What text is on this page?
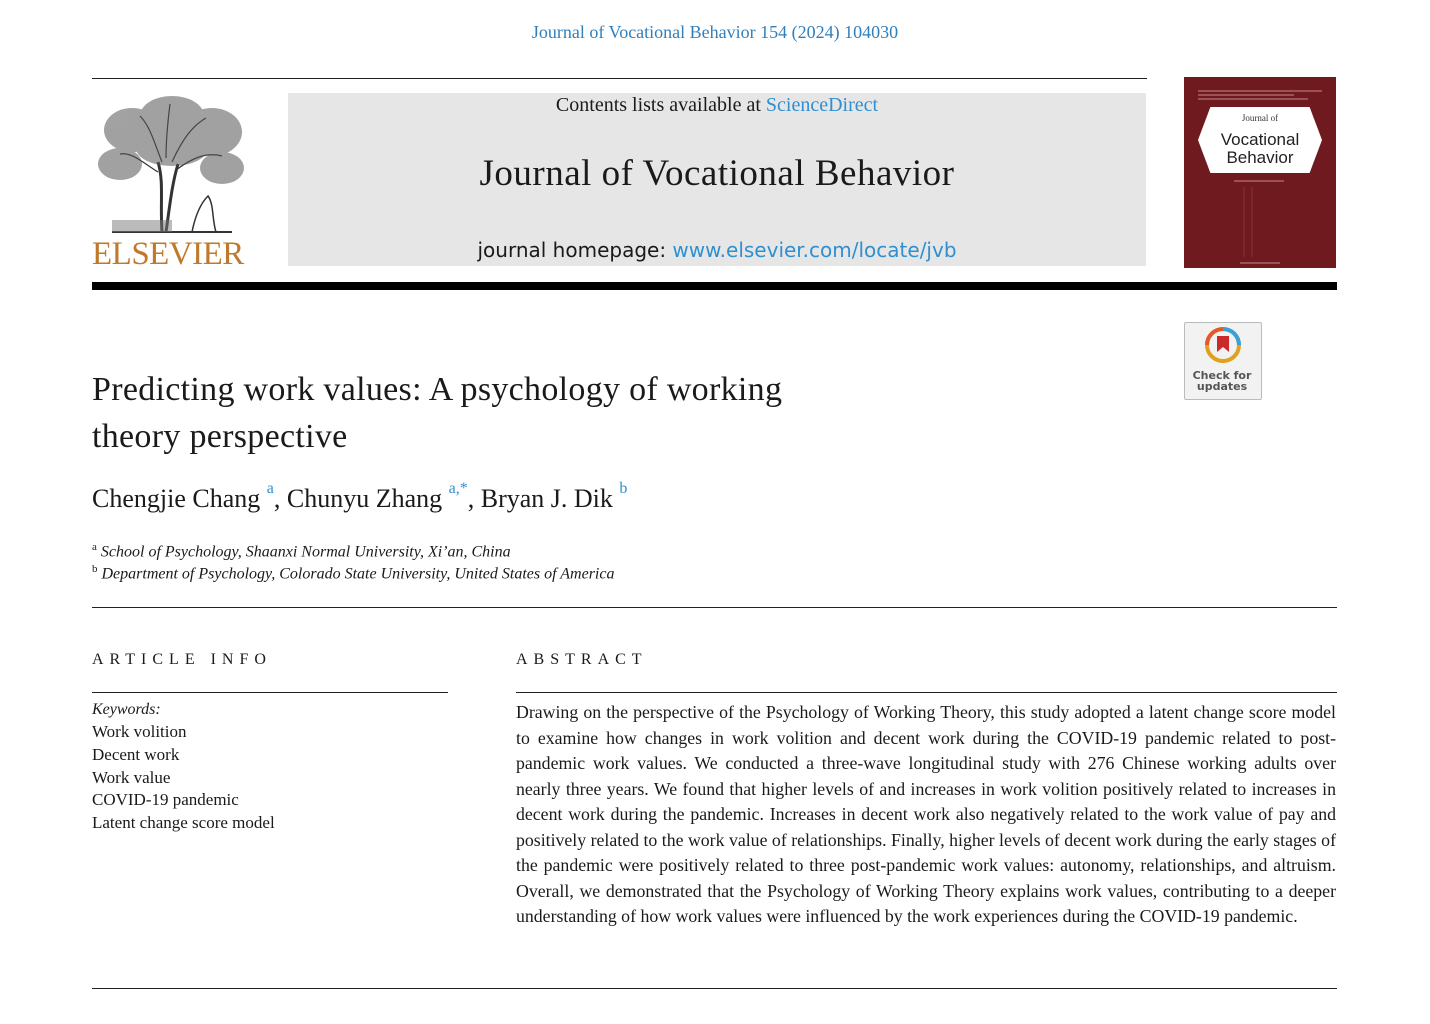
Journal of Vocational Behavior 154 (2024) 104030
ELSEVIER
Contents lists available at ScienceDirect
Journal of Vocational Behavior
journal homepage: www.elsevier.com/locate/jvb
Journal of
Vocational
Behavior
Check for
updates
Predicting work values: A psychology of working
theory perspective
Chengjie Chang $^a$, Chunyu Zhang $^{a,*}$, Bryan J. Dik $^b$
$^a$ School of Psychology, Shaanxi Normal University, Xi’an, China
$^b$ Department of Psychology, Colorado State University, United States of America
ARTICLE INFO
Keywords:
Work volition
Decent work
Work value
COVID-19 pandemic
Latent change score model
ABSTRACT
Drawing on the perspective of the Psychology of Working Theory, this study adopted a latent change score model to examine how changes in work volition and decent work during the COVID-19 pandemic related to post-pandemic work values. We conducted a three-wave longitudinal study with 276 Chinese working adults over nearly three years. We found that higher levels of and increases in work volition positively related to increases in decent work during the pandemic. Increases in decent work also negatively related to the work value of pay and positively related to the work value of relationships. Finally, higher levels of decent work during the early stages of the pandemic were positively related to three post-pandemic work values: autonomy, relationships, and altruism. Overall, we demonstrated that the Psychology of Working Theory explains work values, contributing to a deeper understanding of how work values were influenced by the work experiences during the COVID-19 pandemic.
